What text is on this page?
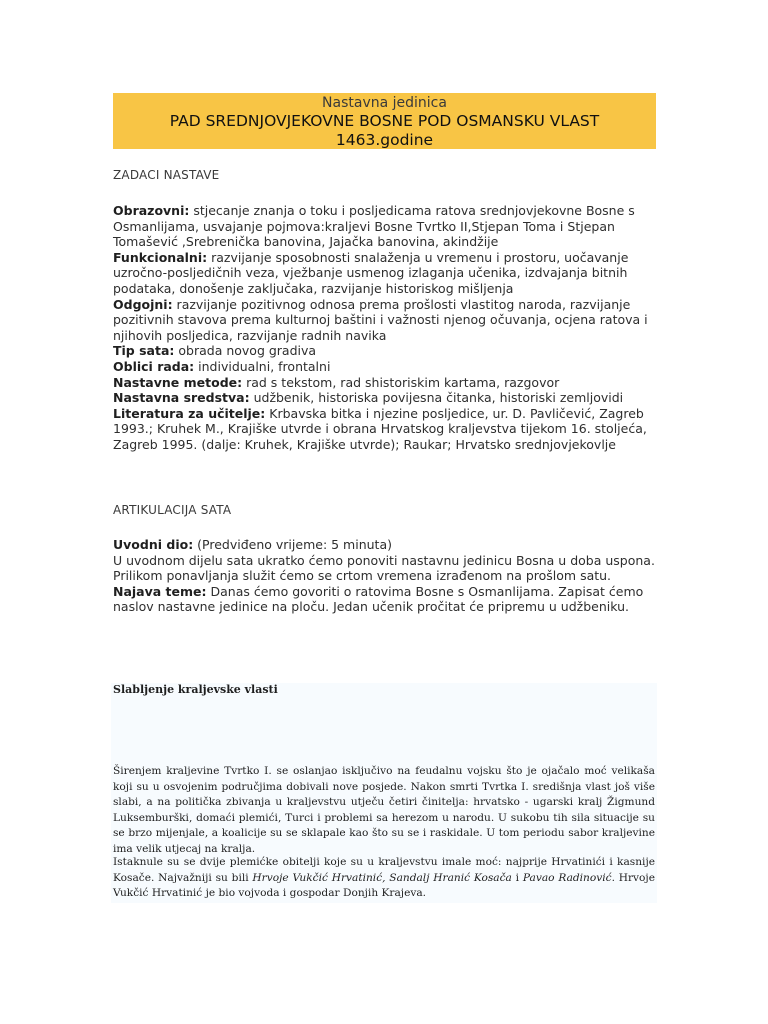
Nastavna jedinica
PAD SREDNJOVJEKOVNE BOSNE POD OSMANSKU VLAST
1463.godine
ZADACI NASTAVE

Obrazovni: stjecanje znanja o toku i posljedicama ratova srednjovjekovne Bosne s Osmanlijama, usvajanje pojmova:kraljevi Bosne Tvrtko II,Stjepan Toma i Stjepan Tomašević ,Srebrenička banovina, Jajačka banovina, akindžije

Funkcionalni: razvijanje sposobnosti snalaženja u vremenu i prostoru, uočavanje uzročno-posljedičnih veza, vježbanje usmenog izlaganja učenika, izdvajanja bitnih podataka, donošenje zaključaka, razvijanje historiskog mišljenja

Odgojni: razvijanje pozitivnog odnosa prema prošlosti vlastitog naroda, razvijanje pozitivnih stavova prema kulturnoj baštini i važnosti njenog očuvanja, ocjena ratova i njihovih posljedica, razvijanje radnih navika

Tip sata: obrada novog gradiva

Oblici rada: individualni, frontalni

Nastavne metode: rad s tekstom, rad shistoriskim kartama, razgovor

Nastavna sredstva: udžbenik, historiska povijesna čitanka, historiski zemljovidi

Literatura za učitelje: Krbavska bitka i njezine posljedice, ur. D. Pavličević, Zagreb 1993.; Kruhek M., Krajiške utvrde i obrana Hrvatskog kraljevstva tijekom 16. stoljeća, Zagreb 1995. (dalje: Kruhek, Krajiške utvrde); Raukar; Hrvatsko srednjovjekovlje

ARTIKULACIJA SATA

Uvodni dio: (Predviđeno vrijeme: 5 minuta)

U uvodnom dijelu sata ukratko ćemo ponoviti nastavnu jedinicu Bosna u doba uspona. Prilikom ponavljanja služit ćemo se crtom vremena izrađenom na prošlom satu.

Najava teme: Danas ćemo govoriti o ratovima Bosne s Osmanlijama. Zapisat ćemo naslov nastavne jedinice na ploču. Jedan učenik pročitat će pripremu u udžbeniku.

Slabljenje kraljevske vlasti

Širenjem kraljevine Tvrtko I. se oslanjao isključivo na feudalnu vojsku što je ojačalo moć velikaša koji su u osvojenim područjima dobivali nove posjede. Nakon smrti Tvrtka I. središnja vlast još više slabi, a na politička zbivanja u kraljevstvu utječu četiri činitelja: hrvatsko - ugarski kralj Žigmund Luksemburški, domaći plemići, Turci i problemi sa herezom u narodu. U sukobu tih sila situacije su se brzo mijenjale, a koalicije su se sklapale kao što su se i raskidale. U tom periodu sabor kraljevine ima velik utjecaj na kralja.

Istaknule su se dvije plemićke obitelji koje su u kraljevstvu imale moć: najprije Hrvatinići i kasnije Kosače. Najvažniji su bili Hrvoje Vukčić Hrvatinić, Sandalj Hranić Kosača i Pavao Radinović. Hrvoje Vukčić Hrvatinić je bio vojvoda i gospodar Donjih Krajeva.
